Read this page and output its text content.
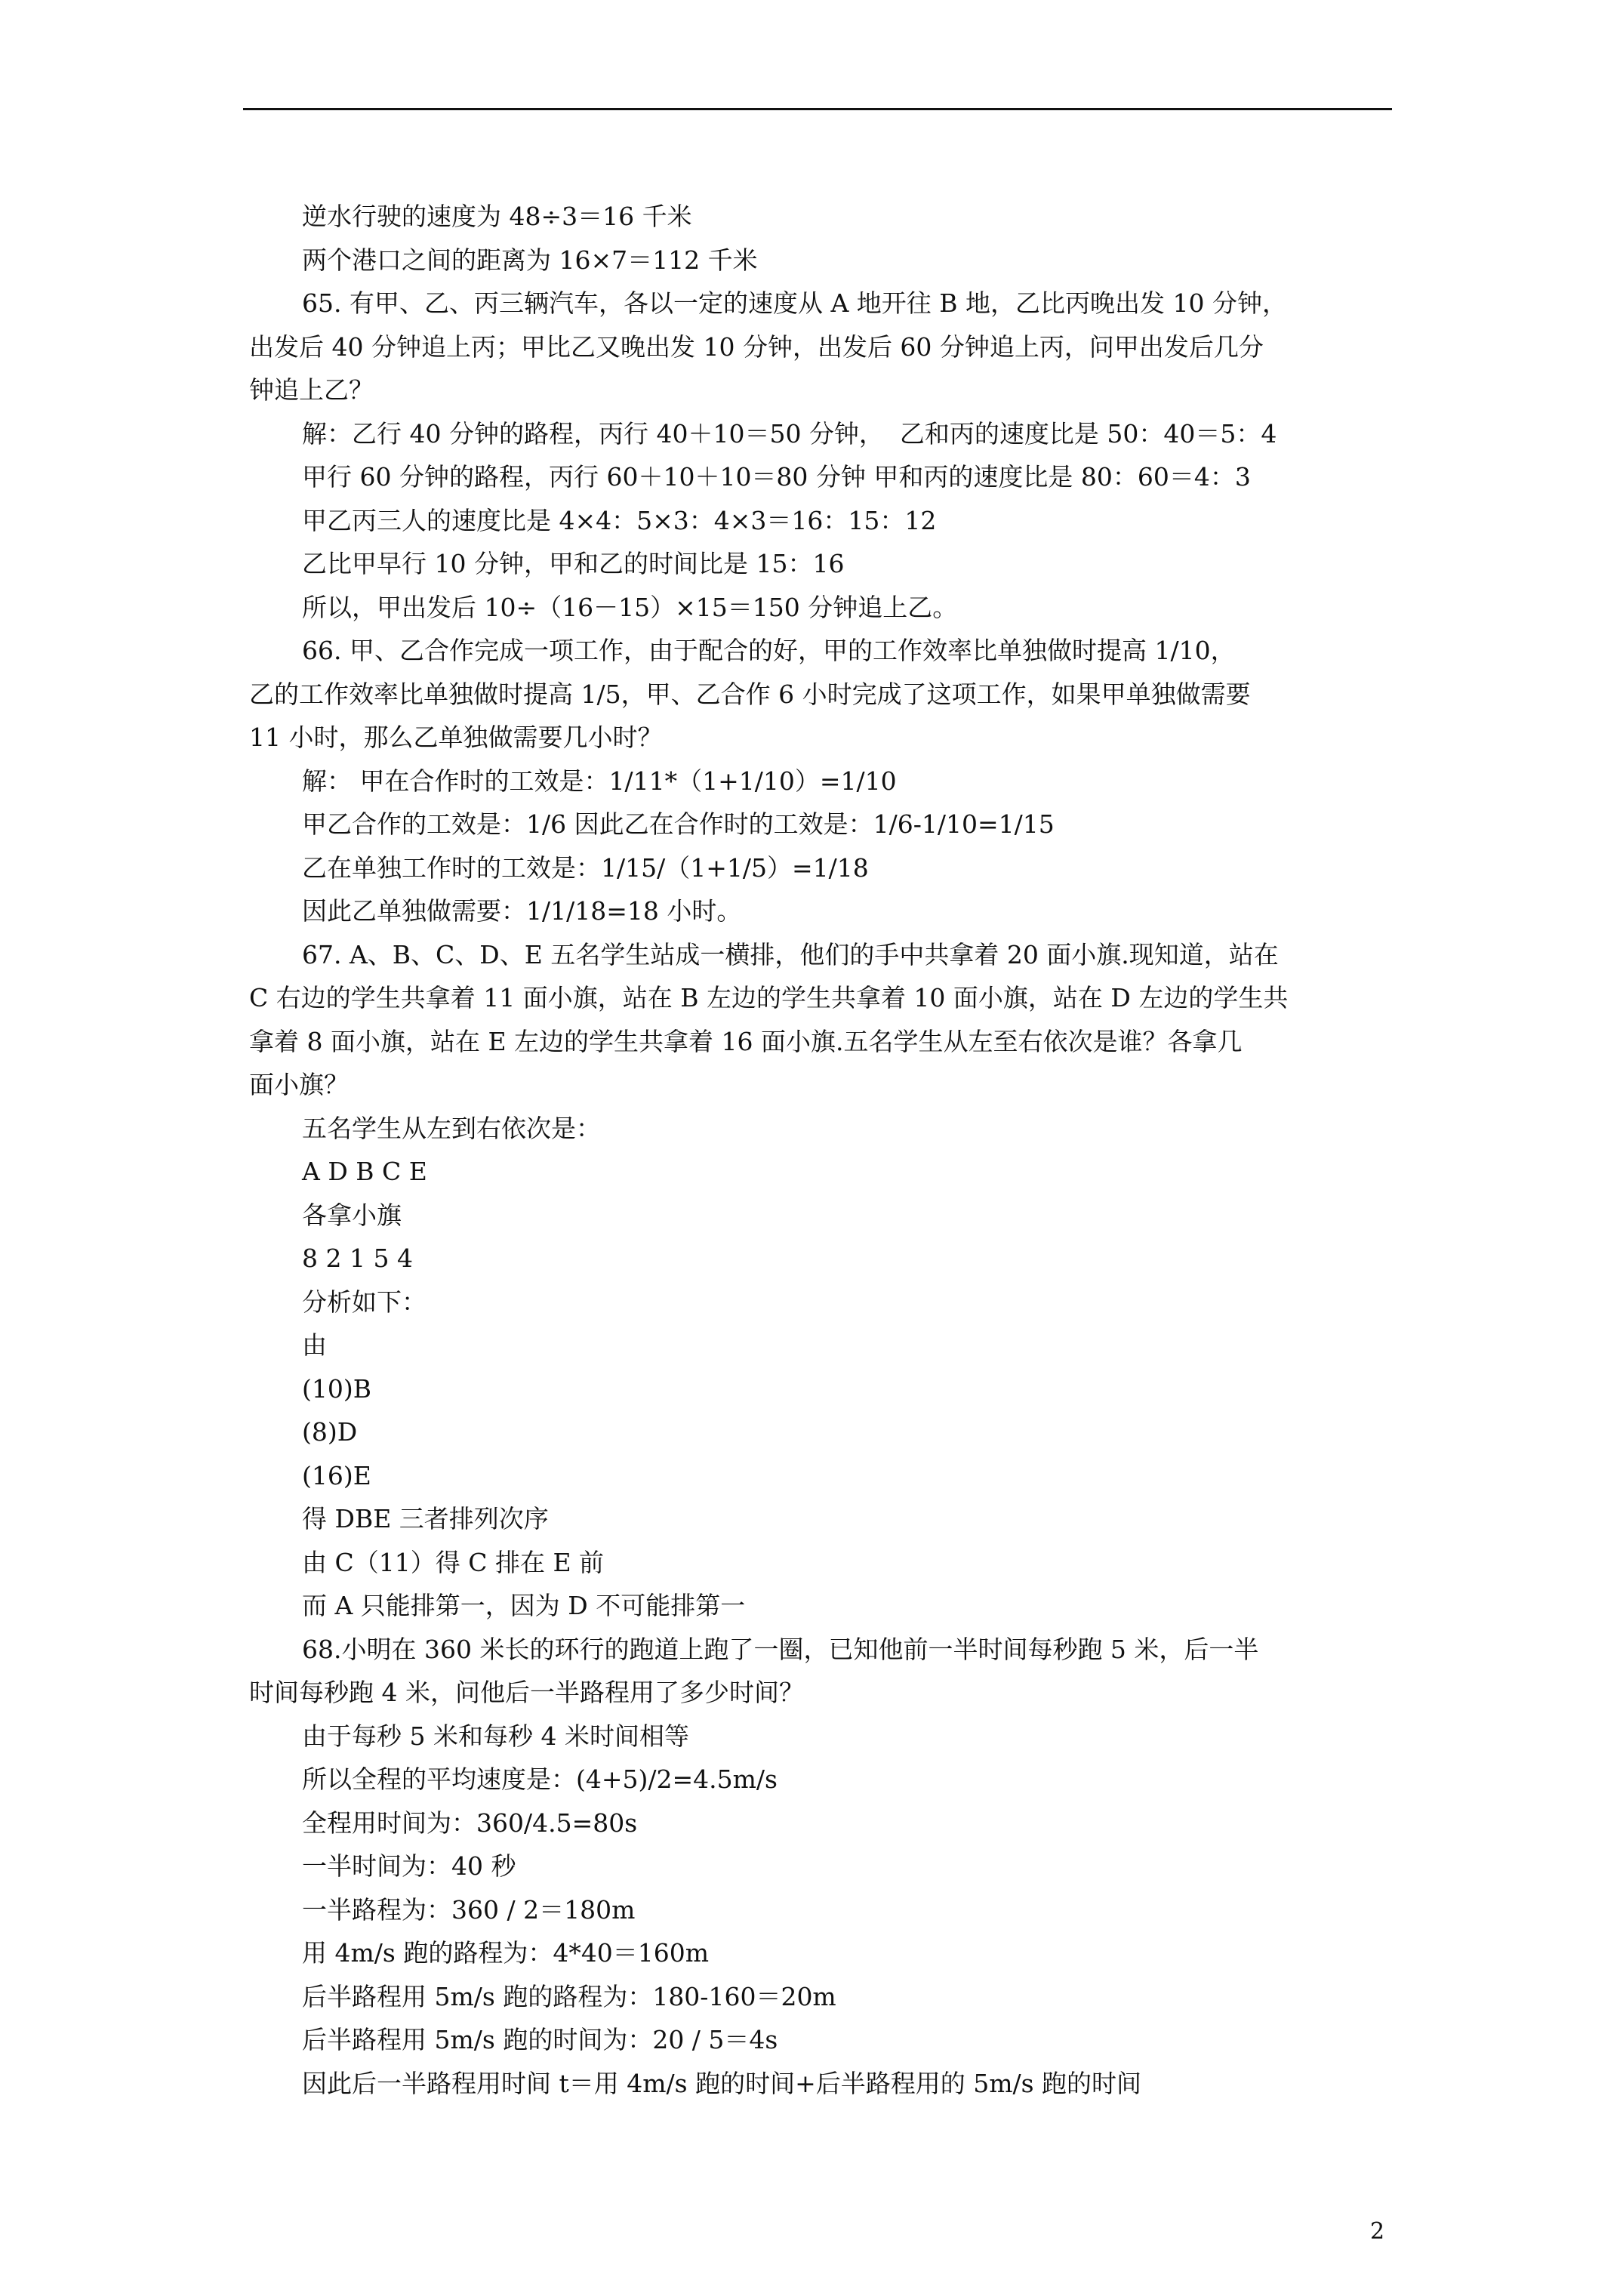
逆水行驶的速度为 48÷3＝16 千米

两个港口之间的距离为 16×7＝112 千米

65. 有甲、乙、丙三辆汽车，各以一定的速度从 A 地开往 B 地，乙比丙晚出发 10 分钟，

出发后 40 分钟追上丙；甲比乙又晚出发 10 分钟，出发后 60 分钟追上丙，问甲出发后几分

钟追上乙？

解：乙行 40 分钟的路程，丙行 40＋10＝50 分钟，  乙和丙的速度比是 50：40＝5：4

甲行 60 分钟的路程，丙行 60＋10＋10＝80 分钟 甲和丙的速度比是 80：60＝4：3

甲乙丙三人的速度比是 4×4：5×3：4×3＝16：15：12

乙比甲早行 10 分钟，甲和乙的时间比是 15：16

所以，甲出发后 10÷（16－15）×15＝150 分钟追上乙。

66. 甲、乙合作完成一项工作，由于配合的好，甲的工作效率比单独做时提高 1/10，

乙的工作效率比单独做时提高 1/5，甲、乙合作 6 小时完成了这项工作，如果甲单独做需要

11 小时，那么乙单独做需要几小时？

解： 甲在合作时的工效是：1/11*（1+1/10）=1/10

甲乙合作的工效是：1/6 因此乙在合作时的工效是：1/6-1/10=1/15

乙在单独工作时的工效是：1/15/（1+1/5）=1/18

因此乙单独做需要：1/1/18=18 小时。

67. A、B、C、D、E 五名学生站成一横排，他们的手中共拿着 20 面小旗.现知道，站在

C 右边的学生共拿着 11 面小旗，站在 B 左边的学生共拿着 10 面小旗，站在 D 左边的学生共

拿着 8 面小旗，站在 E 左边的学生共拿着 16 面小旗.五名学生从左至右依次是谁？各拿几

面小旗？

五名学生从左到右依次是：

A D B C E

各拿小旗

8 2 1 5 4

分析如下：

由

(10)B

(8)D

(16)E

得 DBE 三者排列次序

由 C（11）得 C 排在 E 前

而 A 只能排第一，因为 D 不可能排第一

68.小明在 360 米长的环行的跑道上跑了一圈，已知他前一半时间每秒跑 5 米，后一半

时间每秒跑 4 米，问他后一半路程用了多少时间？

由于每秒 5 米和每秒 4 米时间相等

所以全程的平均速度是：(4+5)/2=4.5m/s

全程用时间为：360/4.5=80s

一半时间为：40 秒

一半路程为：360 / 2＝180m

用 4m/s 跑的路程为：4*40＝160m

后半路程用 5m/s 跑的路程为：180-160＝20m

后半路程用 5m/s 跑的时间为：20 / 5＝4s

因此后一半路程用时间 t＝用 4m/s 跑的时间+后半路程用的 5m/s 跑的时间

2
